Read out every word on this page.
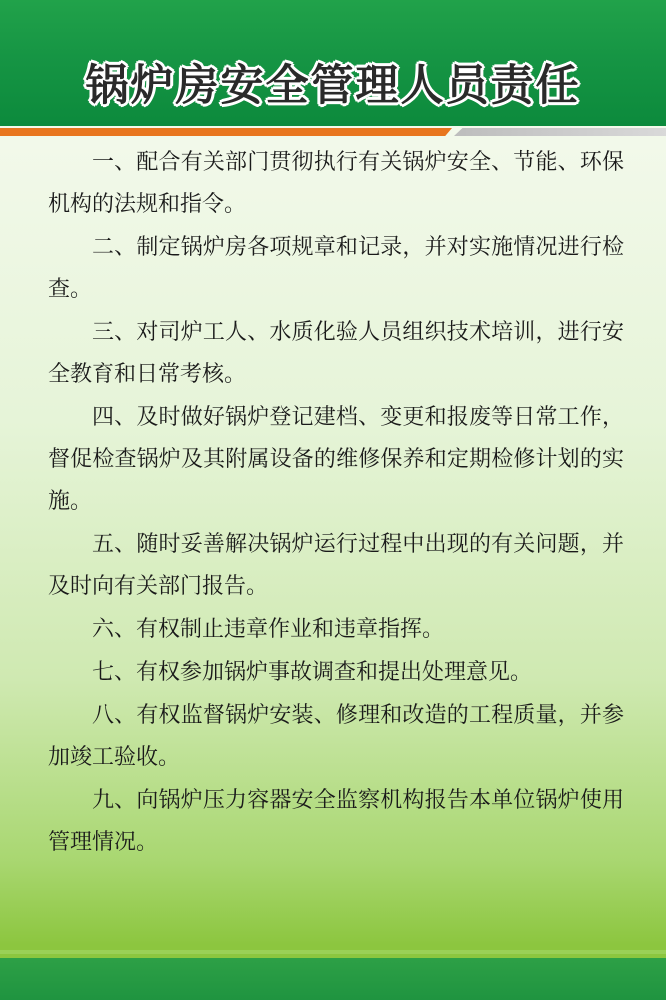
锅炉房安全管理人员责任

一、配合有关部门贯彻执行有关锅炉安全、节能、环保机构的法规和指令。

二、制定锅炉房各项规章和记录，并对实施情况进行检查。

三、对司炉工人、水质化验人员组织技术培训，进行安全教育和日常考核。

四、及时做好锅炉登记建档、变更和报废等日常工作，督促检查锅炉及其附属设备的维修保养和定期检修计划的实施。

五、随时妥善解决锅炉运行过程中出现的有关问题，并及时向有关部门报告。

六、有权制止违章作业和违章指挥。

七、有权参加锅炉事故调查和提出处理意见。

八、有权监督锅炉安装、修理和改造的工程质量，并参加竣工验收。

九、向锅炉压力容器安全监察机构报告本单位锅炉使用管理情况。
